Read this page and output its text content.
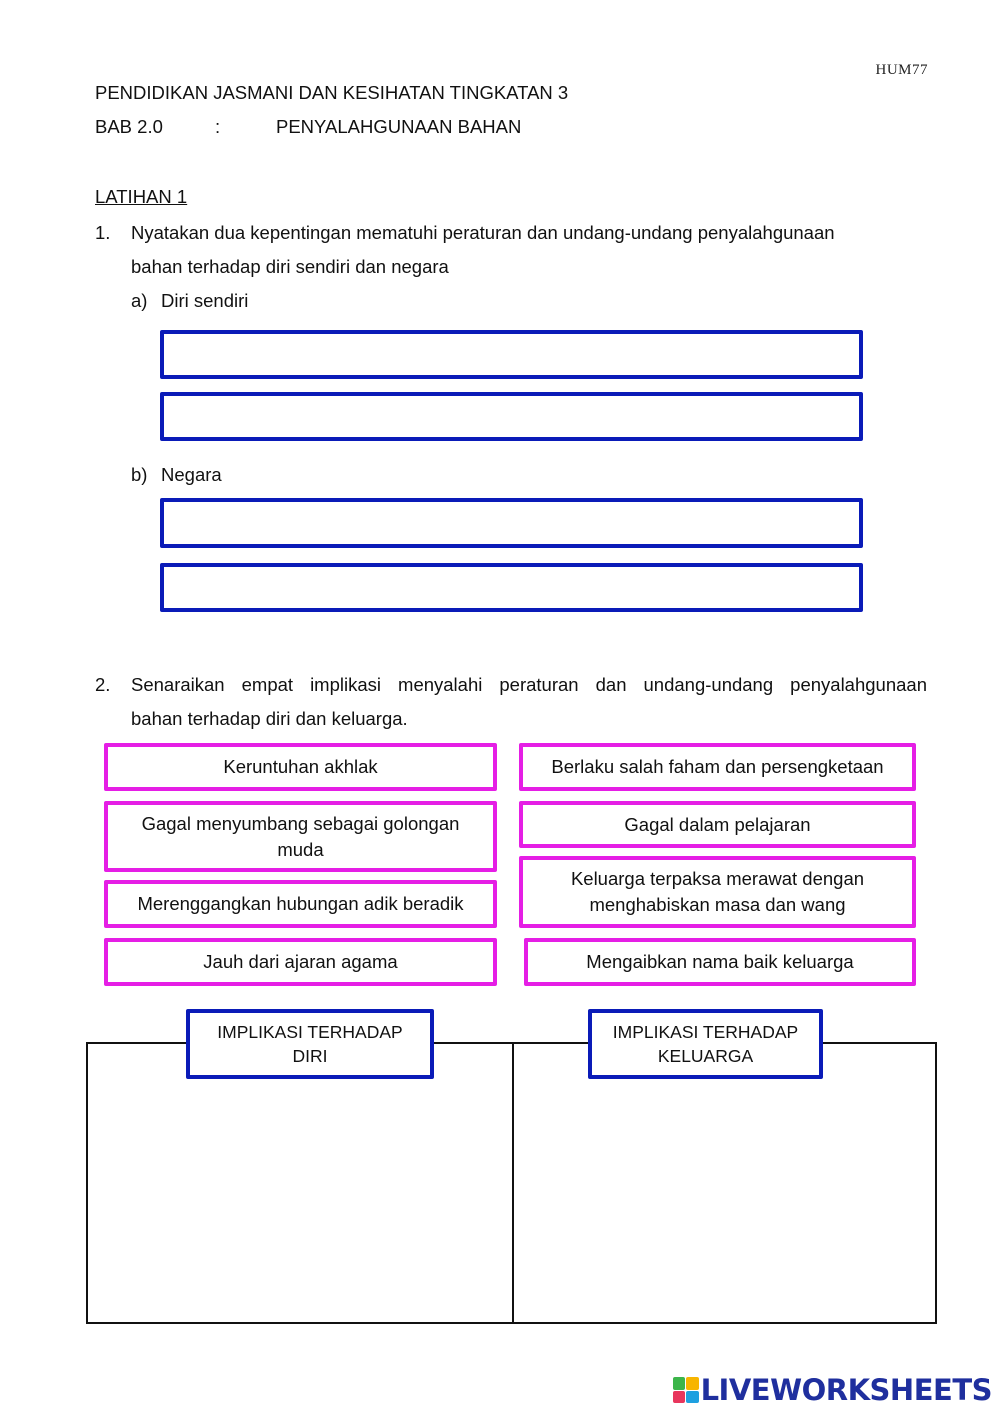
HUM77
PENDIDIKAN JASMANI DAN KESIHATAN TINGKATAN 3
BAB 2.0	:	PENYALAHGUNAAN BAHAN
LATIHAN 1
1. Nyatakan dua kepentingan mematuhi peraturan dan undang-undang penyalahgunaan
bahan terhadap diri sendiri dan negara
a) Diri sendiri
b) Negara
2. Senaraikan empat implikasi menyalahi peraturan dan undang-undang penyalahgunaan
bahan terhadap diri dan keluarga.
Keruntuhan akhlak	Berlaku salah faham dan persengketaan
Gagal menyumbang sebagai golongan muda
Gagal dalam pelajaran
Merenggangkan hubungan adik beradik
Keluarga terpaksa merawat dengan menghabiskan masa dan wang
Jauh dari ajaran agama	Mengaibkan nama baik keluarga
IMPLIKASI TERHADAP DIRI
IMPLIKASI TERHADAP KELUARGA
LIVEWORKSHEETS
